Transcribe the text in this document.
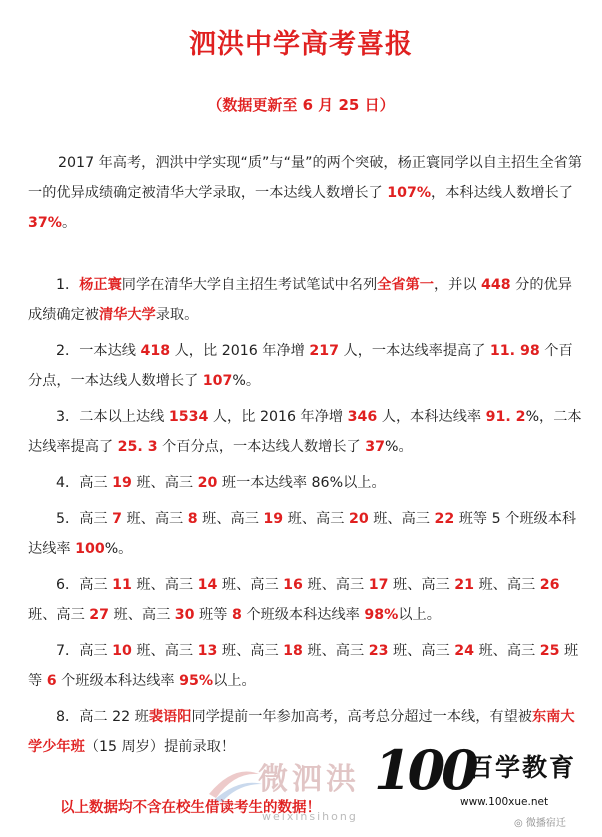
泗洪中学高考喜报
（数据更新至 6 月 25 日）
2017 年高考，泗洪中学实现“质”与“量”的两个突破，杨正寰同学以自主招生全省第一的优异成绩确定被清华大学录取，一本达线人数增长了 107%，本科达线人数增长了 37%。
1．杨正寰同学在清华大学自主招生考试笔试中名列全省第一，并以 448 分的优异成绩确定被清华大学录取。
2．一本达线 418 人，比 2016 年净增 217 人，一本达线率提高了 11. 98 个百分点，一本达线人数增长了 107%。
3．二本以上达线 1534 人，比 2016 年净增 346 人，本科达线率 91. 2%，二本达线率提高了 25. 3 个百分点，一本达线人数增长了 37%。
4．高三 19 班、高三 20 班一本达线率 86%以上。
5．高三 7 班、高三 8 班、高三 19 班、高三 20 班、高三 22 班等 5 个班级本科达线率 100%。
6．高三 11 班、高三 14 班、高三 16 班、高三 17 班、高三 21 班、高三 26 班、高三 27 班、高三 30 班等 8 个班级本科达线率 98%以上。
7．高三 10 班、高三 13 班、高三 18 班、高三 23 班、高三 24 班、高三 25 班等 6 个班级本科达线率 95%以上。
8．高二 22 班裴语阳同学提前一年参加高考，高考总分超过一本线，有望被东南大学少年班（15 周岁）提前录取！
以上数据均不含在校生借读考生的数据！
微泗洪
weixinsihong
100
百学教育
www.100xue.net
◎ 微播宿迁
